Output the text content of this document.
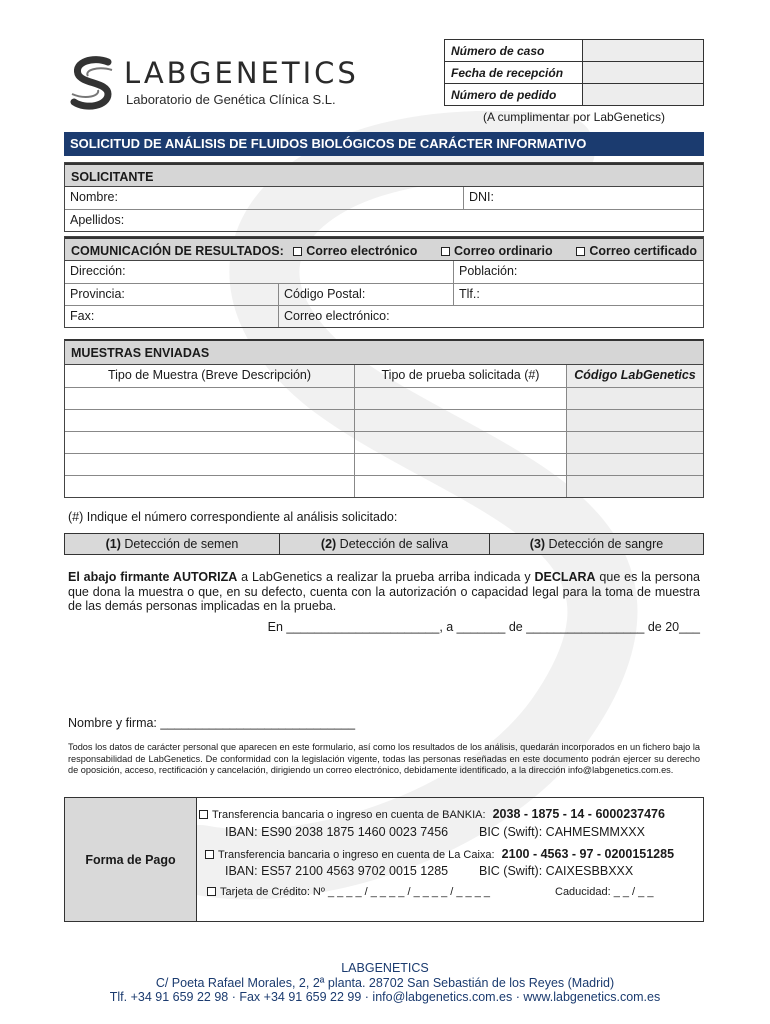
LABGENETICS
Laboratorio de Genética Clínica S.L.
Número de caso	
Fecha de recepción	
Número de pedido	
(A cumplimentar por LabGenetics)
SOLICITUD DE ANÁLISIS DE FLUIDOS BIOLÓGICOS DE CARÁCTER INFORMATIVO
SOLICITANTE
Nombre:	DNI:
Apellidos:
COMUNICACIÓN DE RESULTADOS: Correo electrónico	Correo ordinario	Correo certificado
Dirección:	Población:
Provincia:	Código Postal:	Tlf.:
Fax:	Correo electrónico:
MUESTRAS ENVIADAS
Tipo de Muestra (Breve Descripción)	Tipo de prueba solicitada (#)	Código LabGenetics
(#) Indique el número correspondiente al análisis solicitado:
(1) Detección de semen	(2) Detección de saliva	(3) Detección de sangre
El abajo firmante AUTORIZA a LabGenetics a realizar la prueba arriba indicada y DECLARA que es la persona que dona la muestra o que, en su defecto, cuenta con la autorización o capacidad legal para la toma de muestra de las demás personas implicadas en la prueba.
En ______________________, a _______ de _________________ de 20___
Nombre y firma: ____________________________
Todos los datos de carácter personal que aparecen en este formulario, así como los resultados de los análisis, quedarán incorporados en un fichero bajo la responsabilidad de LabGenetics. De conformidad con la legislación vigente, todas las personas reseñadas en este documento podrán ejercer su derecho de oposición, acceso, rectificación y cancelación, dirigiendo un correo electrónico, debidamente identificado, a la dirección info@labgenetics.com.es.
Forma de Pago
Transferencia bancaria o ingreso en cuenta de BANKIA: 2038 - 1875 - 14 - 6000237476
IBAN: ES90 2038 1875 1460 0023 7456 BIC (Swift): CAHMESMMXXX
Transferencia bancaria o ingreso en cuenta de La Caixa: 2100 - 4563 - 97 - 0200151285
IBAN: ES57 2100 4563 9702 0015 1285 BIC (Swift): CAIXESBBXXX
Tarjeta de Crédito: Nº _ _ _ _ / _ _ _ _ / _ _ _ _ / _ _ _ _	Caducidad: _ _ / _ _
LABGENETICS
C/ Poeta Rafael Morales, 2, 2ª planta. 28702 San Sebastián de los Reyes (Madrid)
Tlf. +34 91 659 22 98 · Fax +34 91 659 22 99 · info@labgenetics.com.es · www.labgenetics.com.es
